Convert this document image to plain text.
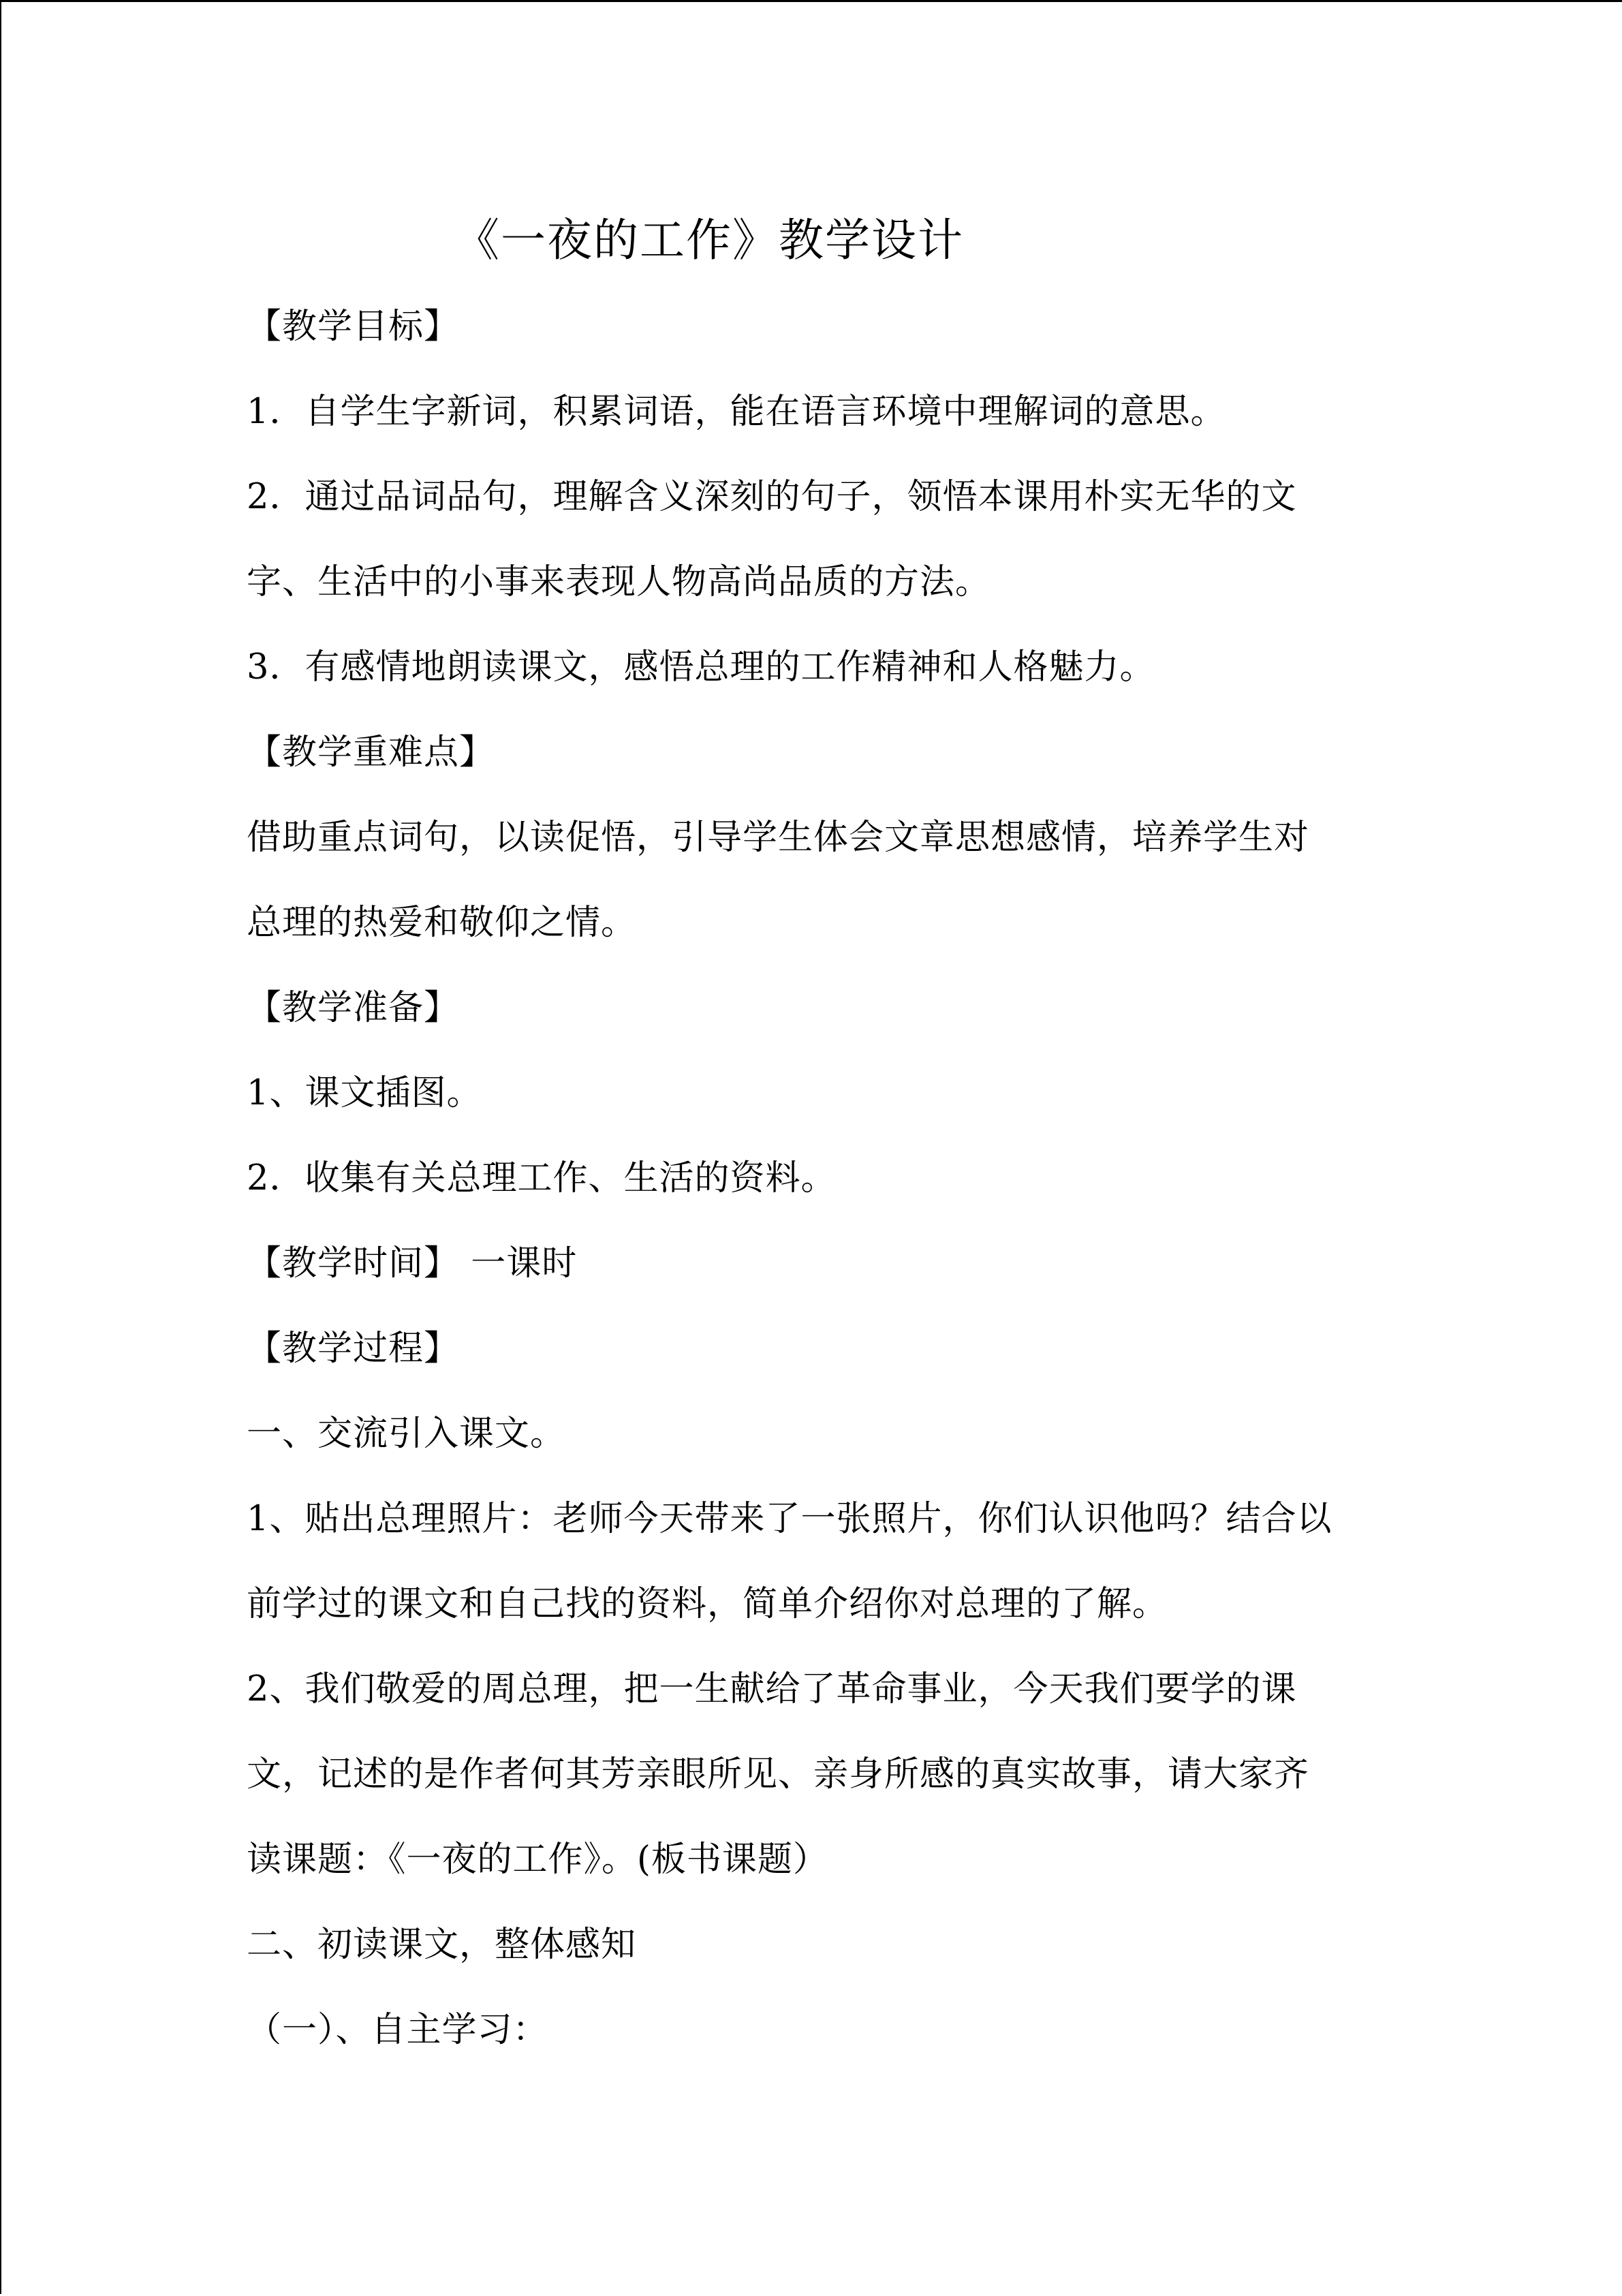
《一夜的工作》教学设计
【教学目标】
1．自学生字新词，积累词语，能在语言环境中理解词的意思。
2．通过品词品句，理解含义深刻的句子，领悟本课用朴实无华的文
字、生活中的小事来表现人物高尚品质的方法。
3．有感情地朗读课文，感悟总理的工作精神和人格魅力。
【教学重难点】
借助重点词句，以读促悟，引导学生体会文章思想感情，培养学生对
总理的热爱和敬仰之情。
【教学准备】
1、课文插图。
2．收集有关总理工作、生活的资料。
【教学时间】 一课时
【教学过程】
一、交流引入课文。
1、贴出总理照片：老师今天带来了一张照片，你们认识他吗？结合以
前学过的课文和自己找的资料，简单介绍你对总理的了解。
2、我们敬爱的周总理，把一生献给了革命事业，今天我们要学的课
文，记述的是作者何其芳亲眼所见、亲身所感的真实故事，请大家齐
读课题：《一夜的工作》。(板书课题）
二、初读课文，整体感知
（一）、自主学习：
